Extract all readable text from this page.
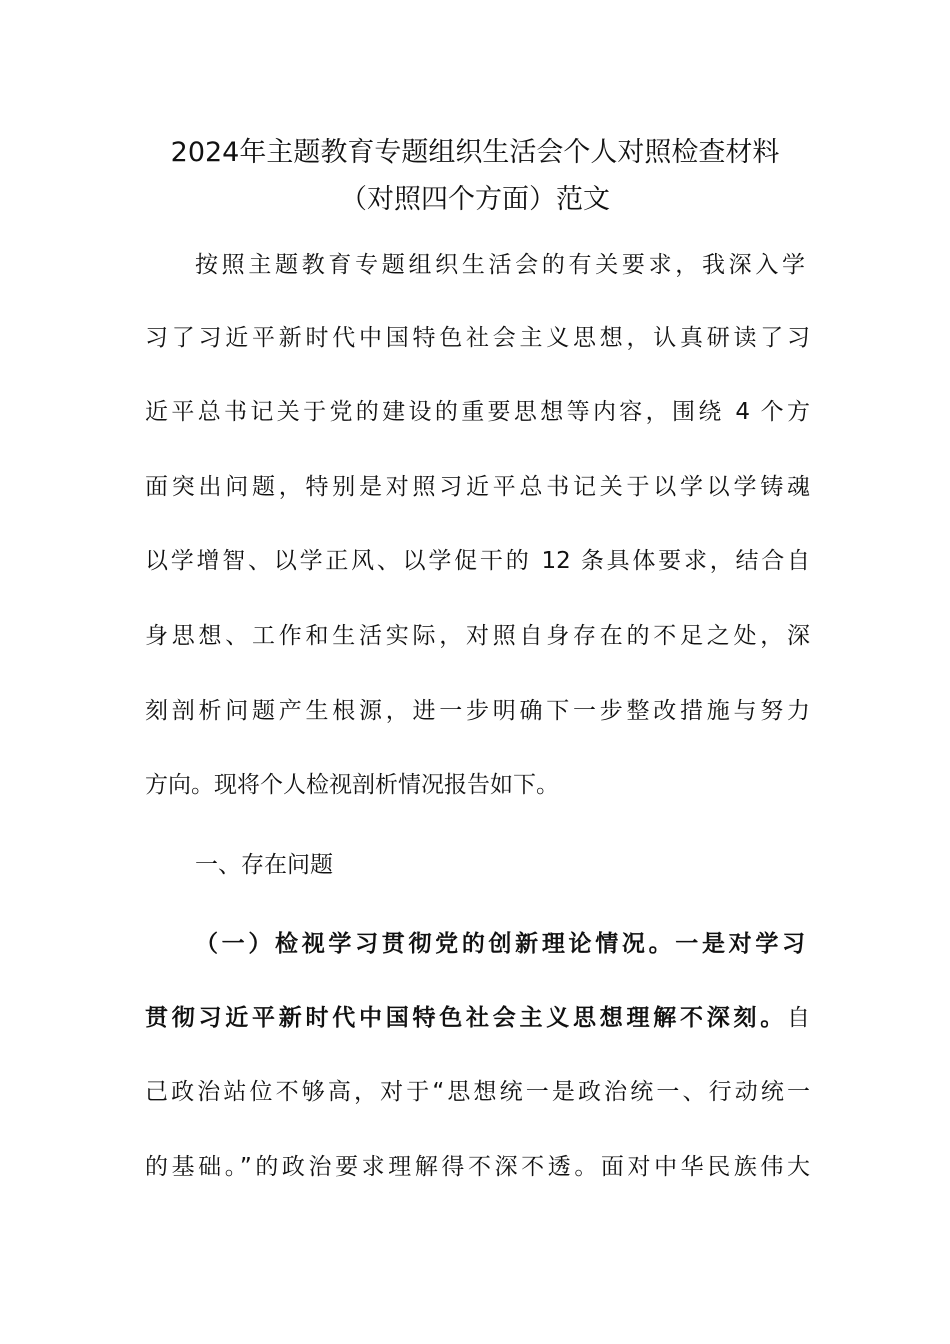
2024年主题教育专题组织生活会个人对照检查材料
（对照四个方面）范文
按照主题教育专题组织生活会的有关要求，我深入学
习了习近平新时代中国特色社会主义思想，认真研读了习
近平总书记关于党的建设的重要思想等内容，围绕 4 个方
面突出问题，特别是对照习近平总书记关于以学以学铸魂
以学增智、以学正风、以学促干的 12 条具体要求，结合自
身思想、工作和生活实际，对照自身存在的不足之处，深
刻剖析问题产生根源，进一步明确下一步整改措施与努力
方向。现将个人检视剖析情况报告如下。
一、存在问题
（一）检视学习贯彻党的创新理论情况。一是对学习
贯彻习近平新时代中国特色社会主义思想理解不深刻。自
己政治站位不够高，对于“思想统一是政治统一、行动统一
的基础。”的政治要求理解得不深不透。面对中华民族伟大
